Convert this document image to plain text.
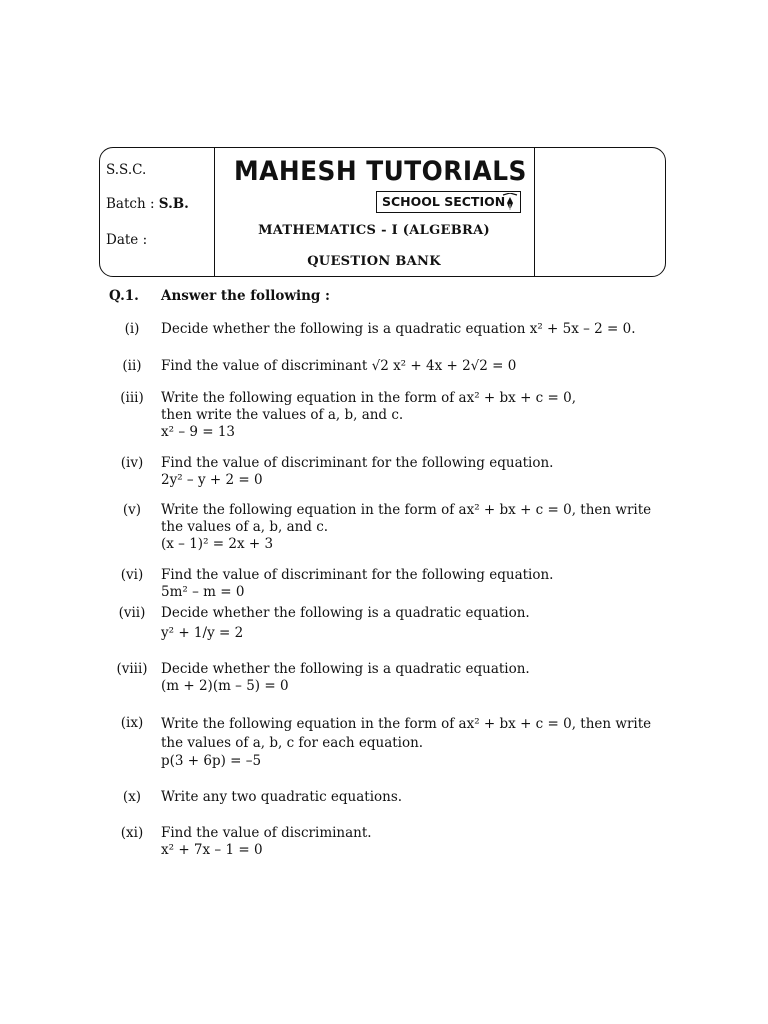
S.S.C.
Batch : S.B.
Date :
MAHESH TUTORIALS
SCHOOL SECTION
MATHEMATICS - I (ALGEBRA)
QUESTION BANK
Q.1. Answer the following :
(i)	Decide whether the following is a quadratic equation x² + 5x – 2 = 0.
(ii)	Find the value of discriminant √2 x² + 4x + 2√2 = 0
(iii)	Write the following equation in the form of ax² + bx + c = 0,
then write the values of a, b, and c.
x² – 9 = 13
(iv)	Find the value of discriminant for the following equation.
2y² – y + 2 = 0
(v)	Write the following equation in the form of ax² + bx + c = 0, then write
the values of a, b, and c.
(x – 1)² = 2x + 3
(vi)	Find the value of discriminant for the following equation.
5m² – m = 0
(vii)	Decide whether the following is a quadratic equation.
y² + 1/y = 2
(viii) Decide whether the following is a quadratic equation.
(m + 2)(m – 5) = 0
(ix)	Write the following equation in the form of ax² + bx + c = 0, then write
the values of a, b, c for each equation.
p(3 + 6p) = –5
(x)	Write any two quadratic equations.
(xi)	Find the value of discriminant.
x² + 7x – 1 = 0
